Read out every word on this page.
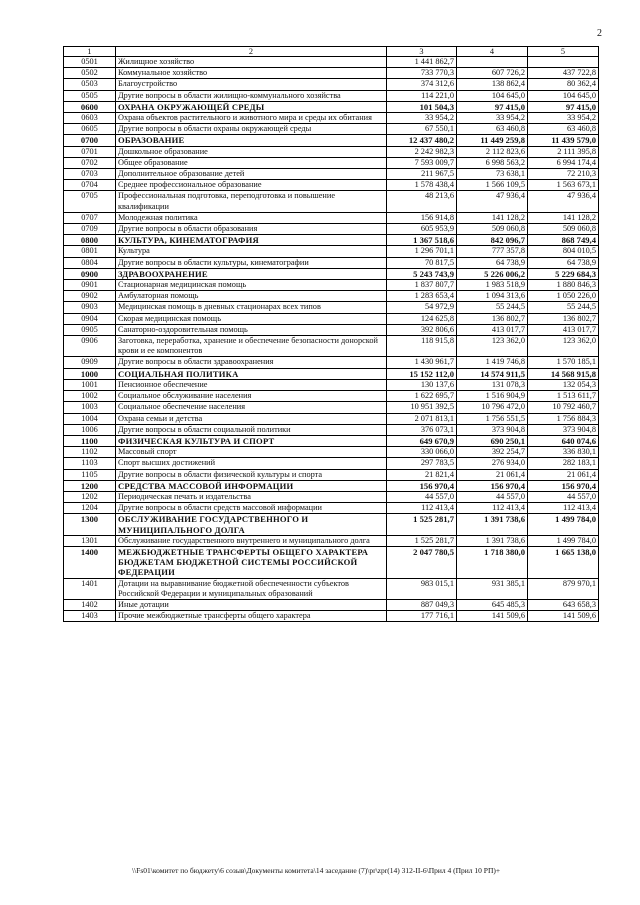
2
1	2	3	4	5
0501	Жилищное хозяйство	1 441 862,7		
0502	Коммунальное хозяйство	733 770,3	607 726,2	437 722,8
0503	Благоустройство	374 312,6	138 862,4	80 362,4
0505	Другие вопросы в области жилищно-коммунального хозяйства	114 221,0	104 645,0	104 645,0
0600	ОХРАНА ОКРУЖАЮЩЕЙ СРЕДЫ	101 504,3	97 415,0	97 415,0
0603	Охрана объектов растительного и животного мира и среды их обитания	33 954,2	33 954,2	33 954,2
0605	Другие вопросы в области охраны окружающей среды	67 550,1	63 460,8	63 460,8
0700	ОБРАЗОВАНИЕ	12 437 480,2	11 449 259,8	11 439 579,0
0701	Дошкольное образование	2 242 982,3	2 112 823,6	2 111 395,8
0702	Общее образование	7 593 009,7	6 998 563,2	6 994 174,4
0703	Дополнительное образование детей	211 967,5	73 638,1	72 210,3
0704	Среднее профессиональное образование	1 578 438,4	1 566 109,5	1 563 673,1
0705	Профессиональная подготовка, переподготовка и повышение квалификации	48 213,6	47 936,4	47 936,4
0707	Молодежная политика	156 914,8	141 128,2	141 128,2
0709	Другие вопросы в области образования	605 953,9	509 060,8	509 060,8
0800	КУЛЬТУРА, КИНЕМАТОГРАФИЯ	1 367 518,6	842 096,7	868 749,4
0801	Культура	1 296 701,1	777 357,8	804 010,5
0804	Другие вопросы в области культуры, кинематографии	70 817,5	64 738,9	64 738,9
0900	ЗДРАВООХРАНЕНИЕ	5 243 743,9	5 226 006,2	5 229 684,3
0901	Стационарная медицинская помощь	1 837 807,7	1 983 518,9	1 880 846,3
0902	Амбулаторная помощь	1 283 653,4	1 094 313,6	1 050 226,0
0903	Медицинская помощь в дневных стационарах всех типов	54 972,9	55 244,5	55 244,5
0904	Скорая медицинская помощь	124 625,8	136 802,7	136 802,7
0905	Санаторно-оздоровительная помощь	392 806,6	413 017,7	413 017,7
0906	Заготовка, переработка, хранение и обеспечение безопасности донорской крови и ее компонентов	118 915,8	123 362,0	123 362,0
0909	Другие вопросы в области здравоохранения	1 430 961,7	1 419 746,8	1 570 185,1
1000	СОЦИАЛЬНАЯ ПОЛИТИКА	15 152 112,0	14 574 911,5	14 568 915,8
1001	Пенсионное обеспечение	130 137,6	131 078,3	132 054,3
1002	Социальное обслуживание населения	1 622 695,7	1 516 904,9	1 513 611,7
1003	Социальное обеспечение населения	10 951 392,5	10 796 472,0	10 792 460,7
1004	Охрана семьи и детства	2 071 813,1	1 756 551,5	1 756 884,3
1006	Другие вопросы в области социальной политики	376 073,1	373 904,8	373 904,8
1100	ФИЗИЧЕСКАЯ КУЛЬТУРА И СПОРТ	649 670,9	690 250,1	640 074,6
1102	Массовый спорт	330 066,0	392 254,7	336 830,1
1103	Спорт высших достижений	297 783,5	276 934,0	282 183,1
1105	Другие вопросы в области физической культуры и спорта	21 821,4	21 061,4	21 061,4
1200	СРЕДСТВА МАССОВОЙ ИНФОРМАЦИИ	156 970,4	156 970,4	156 970,4
1202	Периодическая печать и издательства	44 557,0	44 557,0	44 557,0
1204	Другие вопросы в области средств массовой информации	112 413,4	112 413,4	112 413,4
1300	ОБСЛУЖИВАНИЕ ГОСУДАРСТВЕННОГО И МУНИЦИПАЛЬНОГО ДОЛГА	1 525 281,7	1 391 738,6	1 499 784,0
1301	Обслуживание государственного внутреннего и муниципального долга	1 525 281,7	1 391 738,6	1 499 784,0
1400	МЕЖБЮДЖЕТНЫЕ ТРАНСФЕРТЫ ОБЩЕГО ХАРАКТЕРА БЮДЖЕТАМ БЮДЖЕТНОЙ СИСТЕМЫ РОССИЙСКОЙ ФЕДЕРАЦИИ	2 047 780,5	1 718 380,0	1 665 138,0
1401	Дотации на выравнивание бюджетной обеспеченности субъектов Российской Федерации и муниципальных образований	983 015,1	931 385,1	879 970,1
1402	Иные дотации	887 049,3	645 485,3	643 658,3
1403	Прочие межбюджетные трансферты общего характера	177 716,1	141 509,6	141 509,6
\\Fs01\комитет по бюджету\6 созыв\Документы комитета\14 заседание (7)\pr\zpr(14) 312-II-6\Прил 4 (Прил 10 РП)+
